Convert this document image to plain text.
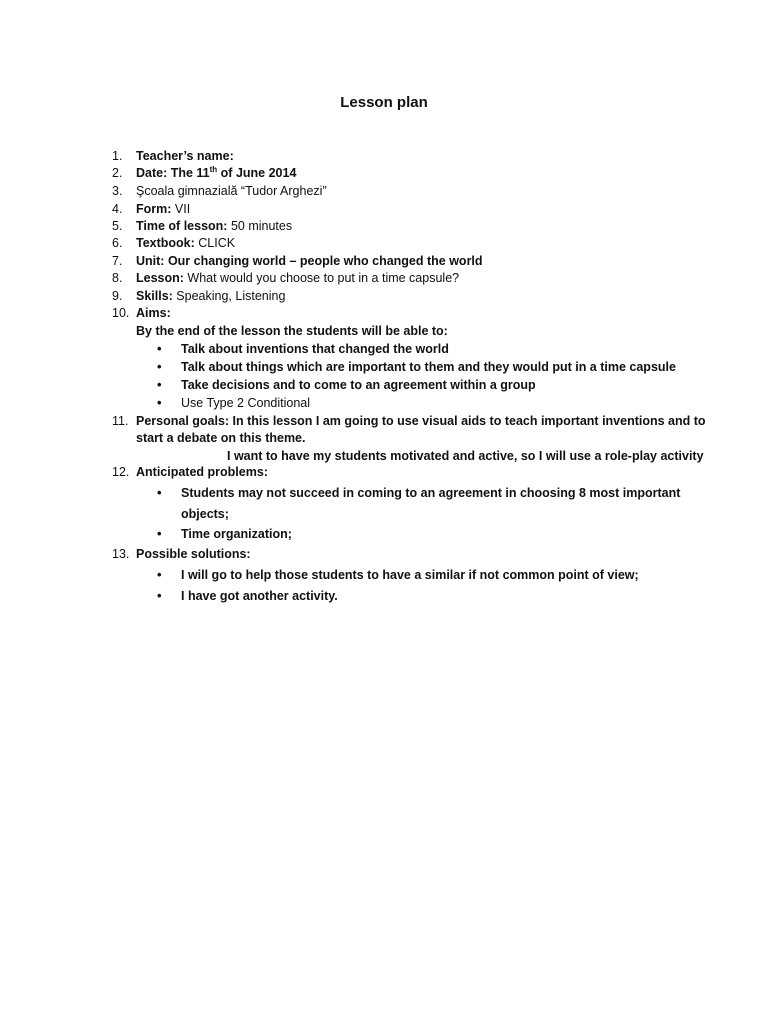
Lesson plan
1.	Teacher’s name:
2.	Date: The 11th of June 2014
3.	Şcoala gimnazială “Tudor Arghezi”
4.	Form: VII
5.	Time of lesson: 50 minutes
6.	Textbook: CLICK
7.	Unit: Our changing world – people who changed the world
8.	Lesson: What would you choose to put in a time capsule?
9.	Skills: Speaking, Listening
10. Aims:
By the end of the lesson the students will be able to:
• Talk about inventions that changed the world
• Talk about things which are important to them and they would put in a time capsule
• Take decisions and to come to an agreement within a group
• Use Type 2 Conditional
11. Personal goals: In this lesson I am going to use visual aids to teach important inventions and to
start a debate on this theme.
I want to have my students motivated and active, so I will use a role-play activity
12. Anticipated problems:
• Students may not succeed in coming to an agreement in choosing 8 most important
objects;
• Time organization;
13. Possible solutions:
• I will go to help those students to have a similar if not common point of view;
• I have got another activity.
